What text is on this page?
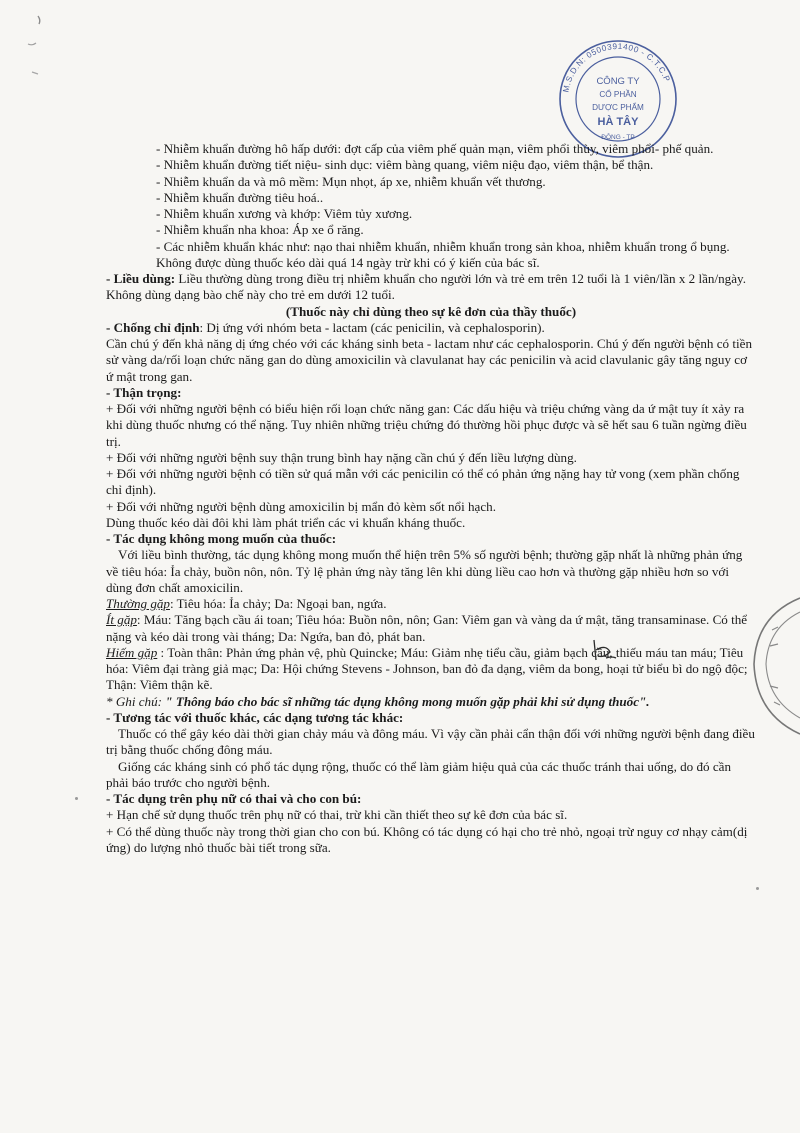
M.S.D.N: 0500391400 - C.T.C.P
CÔNG TY
CỔ PHẦN
DƯỢC PHẨM
HÀ TÂY
ĐÔNG - TP

- Nhiễm khuẩn đường hô hấp dưới: đợt cấp của viêm phế quản mạn, viêm phổi thùy, viêm phổi- phế quản.

- Nhiễm khuẩn đường tiết niệu- sinh dục: viêm bàng quang, viêm niệu đạo, viêm thận, bể thận.

- Nhiễm khuẩn da và mô mềm: Mụn nhọt, áp xe, nhiễm khuẩn vết thương.

- Nhiễm khuẩn đường tiêu hoá..

- Nhiễm khuẩn xương và khớp: Viêm tủy xương.

- Nhiễm khuẩn nha khoa: Áp xe ổ răng.

- Các nhiễm khuẩn khác như: nạo thai nhiễm khuẩn, nhiễm khuẩn trong sản khoa, nhiễm khuẩn trong ổ bụng.

Không được dùng thuốc kéo dài quá 14 ngày trừ khi có ý kiến của bác sĩ.

- Liều dùng: Liều thường dùng trong điều trị nhiễm khuẩn cho người lớn và trẻ em trên 12 tuổi là 1 viên/lần x 2 lần/ngày.

Không dùng dạng bào chế này cho trẻ em dưới 12 tuổi.

(Thuốc này chỉ dùng theo sự kê đơn của thầy thuốc)

- Chống chỉ định: Dị ứng với nhóm beta - lactam (các penicilin, và cephalosporin).

Cần chú ý đến khả năng dị ứng chéo với các kháng sinh beta - lactam như các cephalosporin. Chú ý đến người bệnh có tiền sử vàng da/rối loạn chức năng gan do dùng amoxicilin và clavulanat hay các penicilin và acid clavulanic gây tăng nguy cơ ứ mật trong gan.

- Thận trọng:

+ Đối với những người bệnh có biểu hiện rối loạn chức năng gan: Các dấu hiệu và triệu chứng vàng da ứ mật tuy ít xảy ra khi dùng thuốc nhưng có thể nặng. Tuy nhiên những triệu chứng đó thường hồi phục được và sẽ hết sau 6 tuần ngừng điều trị.

+ Đối với những người bệnh suy thận trung bình hay nặng cần chú ý đến liều lượng dùng.

+ Đối với những người bệnh có tiền sử quá mẫn với các penicilin có thể có phản ứng nặng hay tử vong (xem phần chống chỉ định).

+ Đối với những người bệnh dùng amoxicilin bị mẩn đỏ kèm sốt nổi hạch.

Dùng thuốc kéo dài đôi khi làm phát triển các vi khuẩn kháng thuốc.

- Tác dụng không mong muốn của thuốc:

Với liều bình thường, tác dụng không mong muốn thể hiện trên 5% số người bệnh; thường gặp nhất là những phản ứng về tiêu hóa: Ỉa chảy, buồn nôn, nôn. Tỷ lệ phản ứng này tăng lên khi dùng liều cao hơn và thường gặp nhiều hơn so với dùng đơn chất amoxicilin.

Thường gặp: Tiêu hóa: Ỉa chảy; Da: Ngoại ban, ngứa.

Ít gặp: Máu: Tăng bạch cầu ái toan; Tiêu hóa: Buồn nôn, nôn; Gan: Viêm gan và vàng da ứ mật, tăng transaminase. Có thể nặng và kéo dài trong vài tháng; Da: Ngứa, ban đỏ, phát ban.

Hiếm gặp : Toàn thân: Phản ứng phản vệ, phù Quincke; Máu: Giảm nhẹ tiểu cầu, giảm bạch cầu, thiếu máu tan máu; Tiêu hóa: Viêm đại tràng giả mạc; Da: Hội chứng Stevens - Johnson, ban đỏ đa dạng, viêm da bong, hoại tử biểu bì do ngộ độc; Thận: Viêm thận kẽ.

* Ghi chú: " Thông báo cho bác sĩ những tác dụng không mong muốn gặp phải khi sử dụng thuốc".

- Tương tác với thuốc khác, các dạng tương tác khác:

Thuốc có thể gây kéo dài thời gian chảy máu và đông máu. Vì vậy cần phải cẩn thận đối với những người bệnh đang điều trị bằng thuốc chống đông máu.

Giống các kháng sinh có phổ tác dụng rộng, thuốc có thể làm giảm hiệu quả của các thuốc tránh thai uống, do đó cần phải báo trước cho người bệnh.

- Tác dụng trên phụ nữ có thai và cho con bú:

+ Hạn chế sử dụng thuốc trên phụ nữ có thai, trừ khi cần thiết theo sự kê đơn của bác sĩ.

+ Có thể dùng thuốc này trong thời gian cho con bú. Không có tác dụng có hại cho trẻ nhỏ, ngoại trừ nguy cơ nhạy cảm(dị ứng) do lượng nhỏ thuốc bài tiết trong sữa.
